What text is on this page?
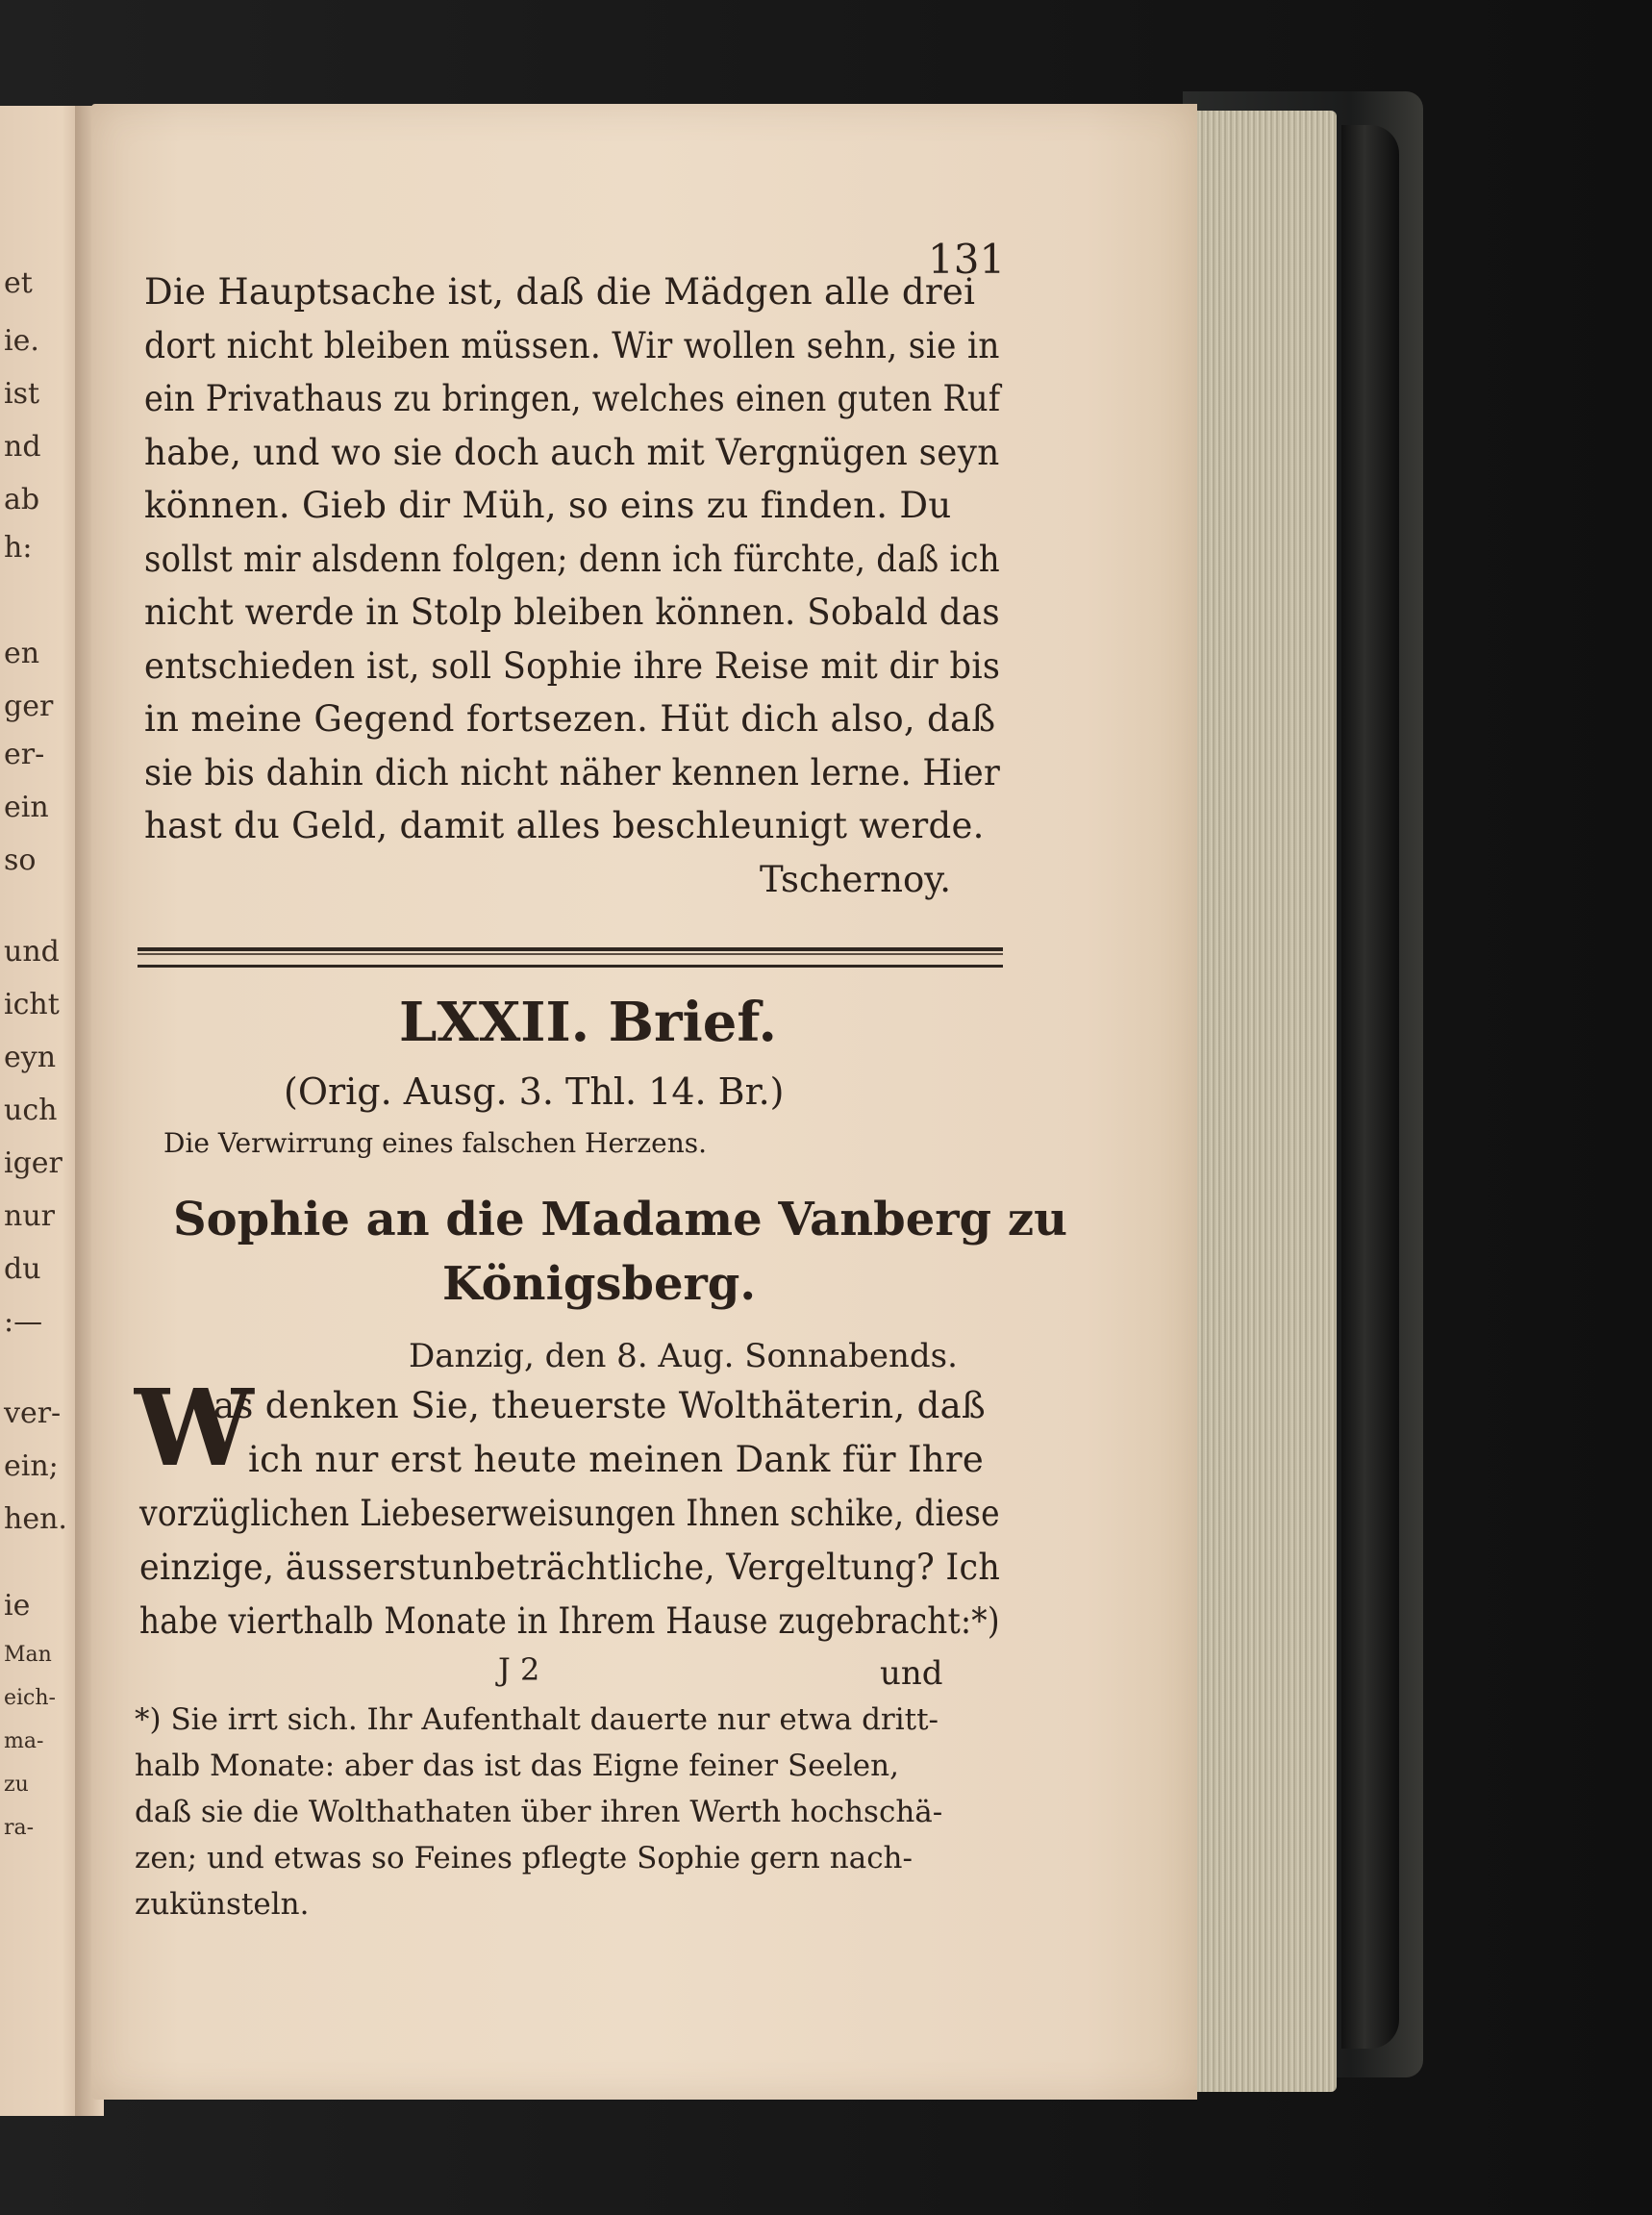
131
Die Hauptsache ist, daß die Mädgen alle drei
dort nicht bleiben müssen. Wir wollen sehn, sie in
ein Privathaus zu bringen, welches einen guten Ruf
habe, und wo sie doch auch mit Vergnügen seyn
können. Gieb dir Müh, so eins zu finden. Du
sollst mir alsdenn folgen; denn ich fürchte, daß ich
nicht werde in Stolp bleiben können. Sobald das
entschieden ist, soll Sophie ihre Reise mit dir bis
in meine Gegend fortsezen. Hüt dich also, daß
sie bis dahin dich nicht näher kennen lerne. Hier
hast du Geld, damit alles beschleunigt werde.
Tschernoy.
LXXII. Brief.
(Orig. Ausg. 3. Thl. 14. Br.)
Die Verwirrung eines falschen Herzens.
Sophie an die Madame Vanberg zu
Königsberg.
Danzig, den 8. Aug. Sonnabends.
W
as denken Sie, theuerste Wolthäterin, daß
ich nur erst heute meinen Dank für Ihre
vorzüglichen Liebeserweisungen Ihnen schike, diese
einzige, äusserstunbeträchtliche, Vergeltung? Ich
habe vierthalb Monate in Ihrem Hause zugebracht:*)
J 2	und
*) Sie irrt sich. Ihr Aufenthalt dauerte nur etwa dritt-
halb Monate: aber das ist das Eigne feiner Seelen,
daß sie die Wolthathaten über ihren Werth hochschä-
zen; und etwas so Feines pflegte Sophie gern nach-
zukünsteln.
et
ie.
ist
nd
ab
h:
en
ger
er-
ein
so
und
icht
eyn
uch
iger
nur
du
:—
ver-
ein;
hen.
ie
Man
eich-
ma-
zu
ra-
